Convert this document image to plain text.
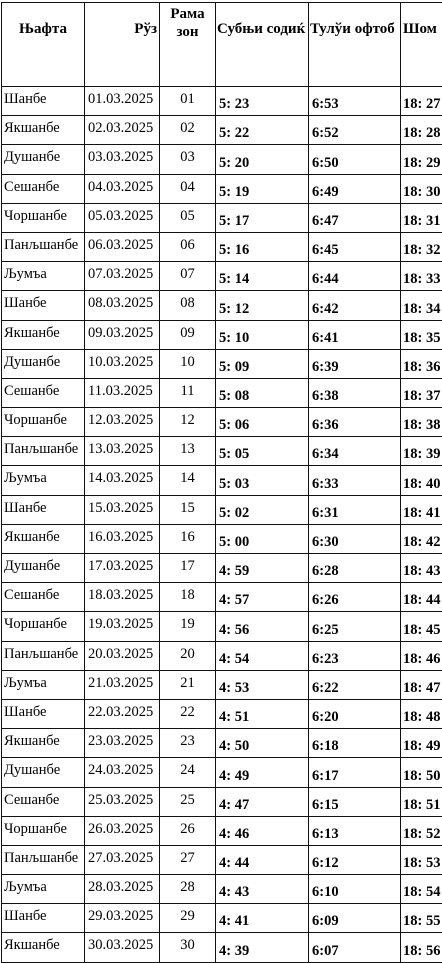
Њафта	Рўз	Рама зон	Субњи содиќ	Тулўи офтоб	Шом
Шанбе	01.03.2025	01	5: 23	6:53	18: 27
Якшанбе	02.03.2025	02	5: 22	6:52	18: 28
Душанбе	03.03.2025	03	5: 20	6:50	18: 29
Сешанбе	04.03.2025	04	5: 19	6:49	18: 30
Чоршанбе	05.03.2025	05	5: 17	6:47	18: 31
Панљшанбе	06.03.2025	06	5: 16	6:45	18: 32
Љумъа	07.03.2025	07	5: 14	6:44	18: 33
Шанбе	08.03.2025	08	5: 12	6:42	18: 34
Якшанбе	09.03.2025	09	5: 10	6:41	18: 35
Душанбе	10.03.2025	10	5: 09	6:39	18: 36
Сешанбе	11.03.2025	11	5: 08	6:38	18: 37
Чоршанбе	12.03.2025	12	5: 06	6:36	18: 38
Панљшанбе	13.03.2025	13	5: 05	6:34	18: 39
Љумъа	14.03.2025	14	5: 03	6:33	18: 40
Шанбе	15.03.2025	15	5: 02	6:31	18: 41
Якшанбе	16.03.2025	16	5: 00	6:30	18: 42
Душанбе	17.03.2025	17	4: 59	6:28	18: 43
Сешанбе	18.03.2025	18	4: 57	6:26	18: 44
Чоршанбе	19.03.2025	19	4: 56	6:25	18: 45
Панљшанбе	20.03.2025	20	4: 54	6:23	18: 46
Љумъа	21.03.2025	21	4: 53	6:22	18: 47
Шанбе	22.03.2025	22	4: 51	6:20	18: 48
Якшанбе	23.03.2025	23	4: 50	6:18	18: 49
Душанбе	24.03.2025	24	4: 49	6:17	18: 50
Сешанбе	25.03.2025	25	4: 47	6:15	18: 51
Чоршанбе	26.03.2025	26	4: 46	6:13	18: 52
Панљшанбе	27.03.2025	27	4: 44	6:12	18: 53
Љумъа	28.03.2025	28	4: 43	6:10	18: 54
Шанбе	29.03.2025	29	4: 41	6:09	18: 55
Якшанбе	30.03.2025	30	4: 39	6:07	18: 56
